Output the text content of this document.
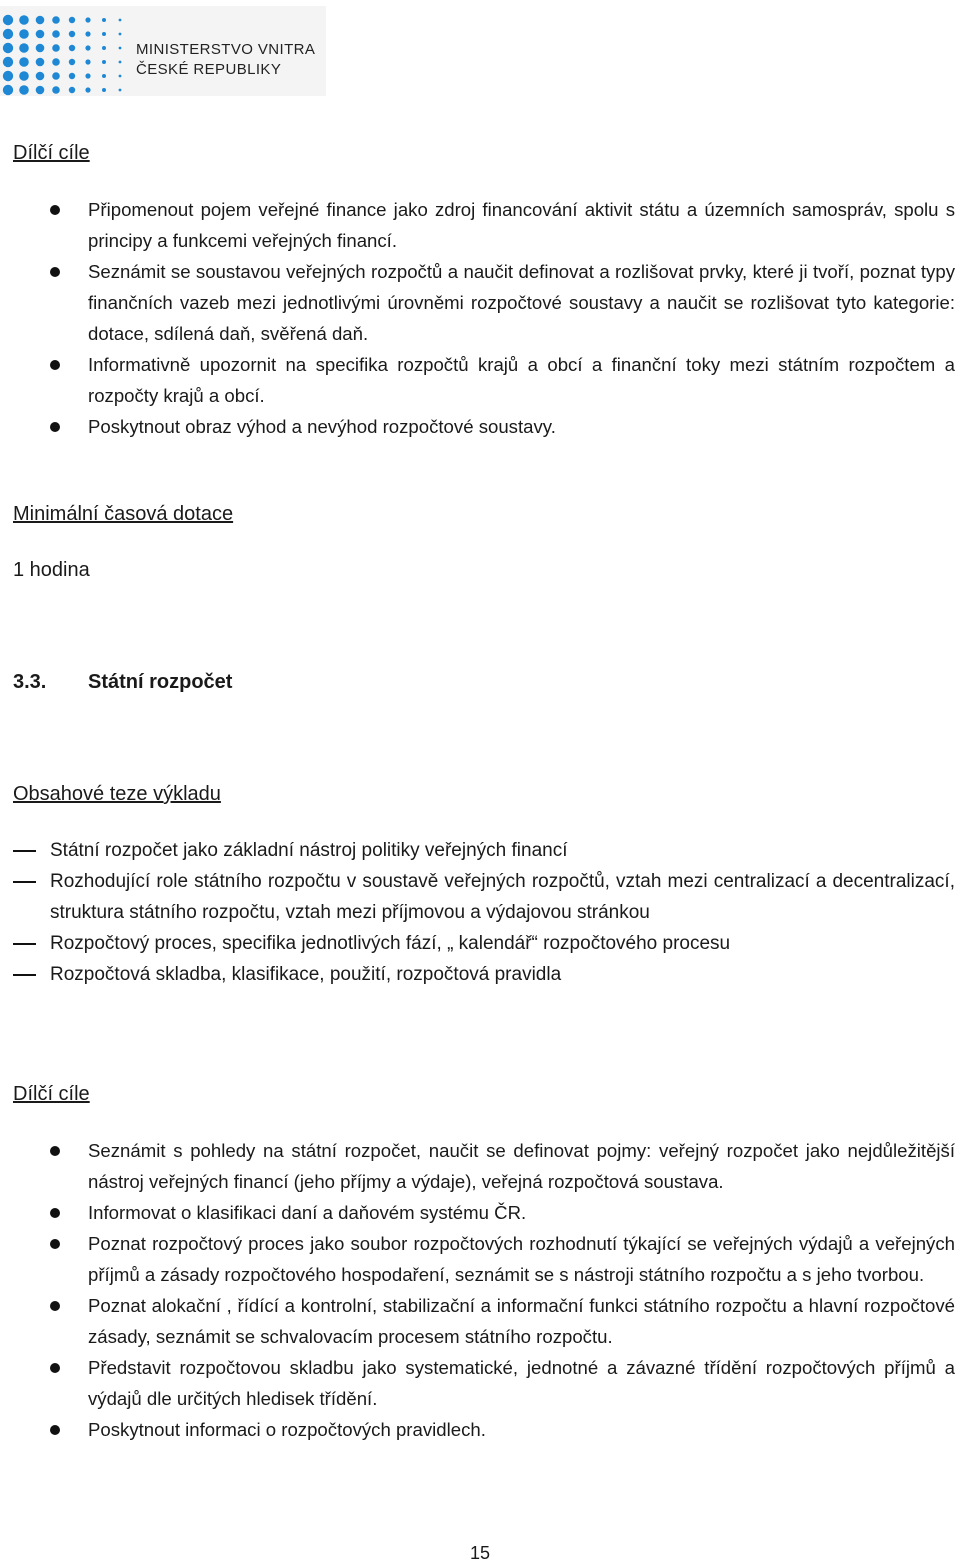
MINISTERSTVO VNITRA
ČESKÉ REPUBLIKY
Dílčí cíle
Připomenout pojem veřejné finance jako zdroj financování aktivit státu a územních samospráv, spolu s principy a funkcemi veřejných financí.
Seznámit se soustavou veřejných rozpočtů a naučit definovat a rozlišovat prvky, které ji tvoří, poznat typy finančních vazeb mezi jednotlivými úrovněmi rozpočtové soustavy a naučit se rozlišovat tyto kategorie: dotace, sdílená daň, svěřená daň.
Informativně upozornit na specifika rozpočtů krajů a obcí a finanční toky mezi státním rozpočtem a rozpočty krajů a obcí.
Poskytnout obraz výhod a nevýhod rozpočtové soustavy.
Minimální časová dotace
1 hodina
3.3. Státní rozpočet
Obsahové teze výkladu
Státní rozpočet jako základní nástroj politiky veřejných financí
Rozhodující role státního rozpočtu v soustavě veřejných rozpočtů, vztah mezi centralizací a decentralizací, struktura státního rozpočtu, vztah mezi příjmovou a výdajovou stránkou
Rozpočtový proces, specifika jednotlivých fází, „ kalendář“ rozpočtového procesu
Rozpočtová skladba, klasifikace, použití, rozpočtová pravidla
Dílčí cíle
Seznámit s pohledy na státní rozpočet, naučit se definovat pojmy: veřejný rozpočet jako nejdůležitější nástroj veřejných financí (jeho příjmy a výdaje), veřejná rozpočtová soustava.
Informovat o klasifikaci daní a daňovém systému ČR.
Poznat rozpočtový proces jako soubor rozpočtových rozhodnutí týkající se veřejných výdajů a veřejných příjmů a zásady rozpočtového hospodaření, seznámit se s nástroji státního rozpočtu a s jeho tvorbou.
Poznat alokační , řídící a kontrolní, stabilizační a informační funkci státního rozpočtu a hlavní rozpočtové zásady, seznámit se schvalovacím procesem státního rozpočtu.
Představit rozpočtovou skladbu jako systematické, jednotné a závazné třídění rozpočtových příjmů a výdajů dle určitých hledisek třídění.
Poskytnout informaci o rozpočtových pravidlech.
15
